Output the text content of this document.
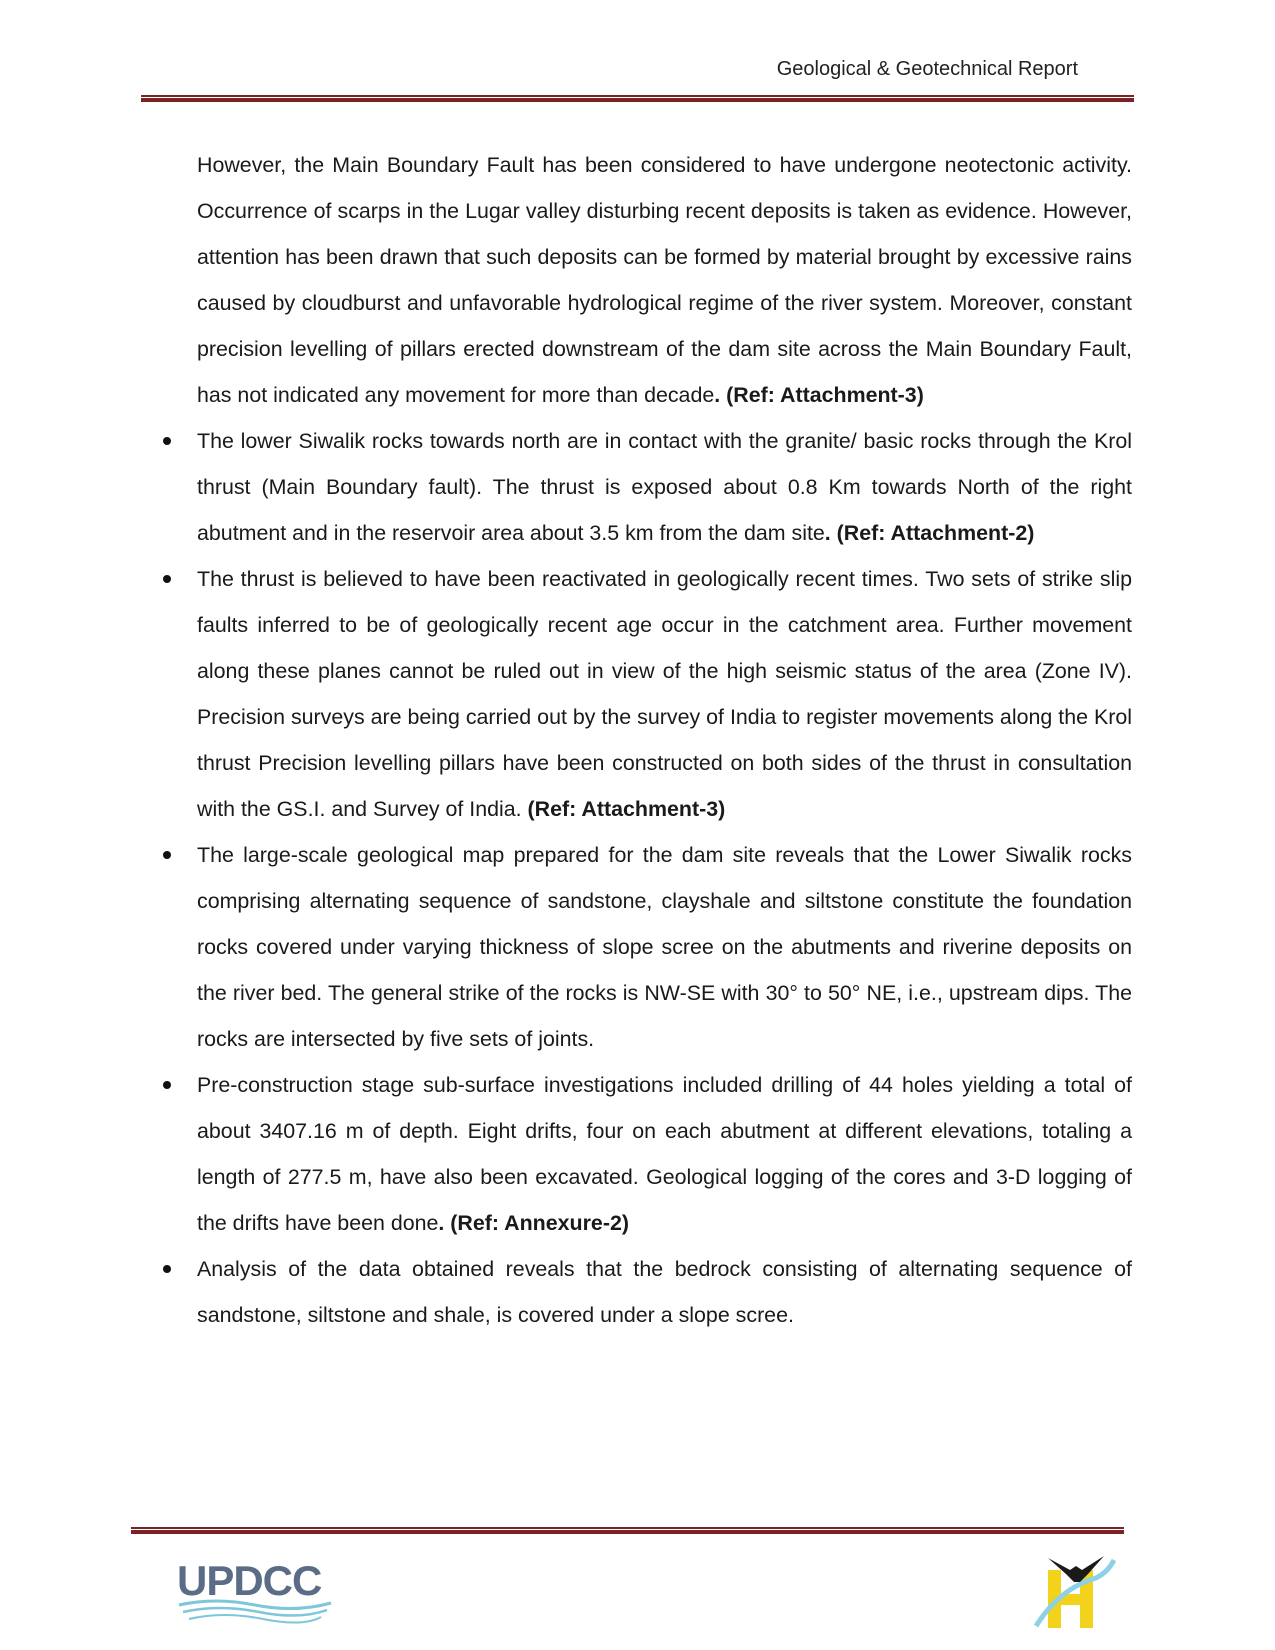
Geological & Geotechnical Report

However, the Main Boundary Fault has been considered to have undergone neotectonic activity. Occurrence of scarps in the Lugar valley disturbing recent deposits is taken as evidence. However, attention has been drawn that such deposits can be formed by material brought by excessive rains caused by cloudburst and unfavorable hydrological regime of the river system. Moreover, constant precision levelling of pillars erected downstream of the dam site across the Main Boundary Fault, has not indicated any movement for more than decade. (Ref: Attachment-3)

The lower Siwalik rocks towards north are in contact with the granite/ basic rocks through the Krol thrust (Main Boundary fault). The thrust is exposed about 0.8 Km towards North of the right abutment and in the reservoir area about 3.5 km from the dam site. (Ref: Attachment-2)
The thrust is believed to have been reactivated in geologically recent times. Two sets of strike slip faults inferred to be of geologically recent age occur in the catchment area. Further movement along these planes cannot be ruled out in view of the high seismic status of the area (Zone IV). Precision surveys are being carried out by the survey of India to register movements along the Krol thrust Precision levelling pillars have been constructed on both sides of the thrust in consultation with the GS.I. and Survey of India. (Ref: Attachment-3)
The large-scale geological map prepared for the dam site reveals that the Lower Siwalik rocks comprising alternating sequence of sandstone, clayshale and siltstone constitute the foundation rocks covered under varying thickness of slope scree on the abutments and riverine deposits on the river bed. The general strike of the rocks is NW-SE with 30° to 50° NE, i.e., upstream dips. The rocks are intersected by five sets of joints.
Pre-construction stage sub-surface investigations included drilling of 44 holes yielding a total of about 3407.16 m of depth. Eight drifts, four on each abutment at different elevations, totaling a length of 277.5 m, have also been excavated. Geological logging of the cores and 3-D logging of the drifts have been done. (Ref: Annexure-2)
Analysis of the data obtained reveals that the bedrock consisting of alternating sequence of sandstone, siltstone and shale, is covered under a slope scree.
UPDCC
